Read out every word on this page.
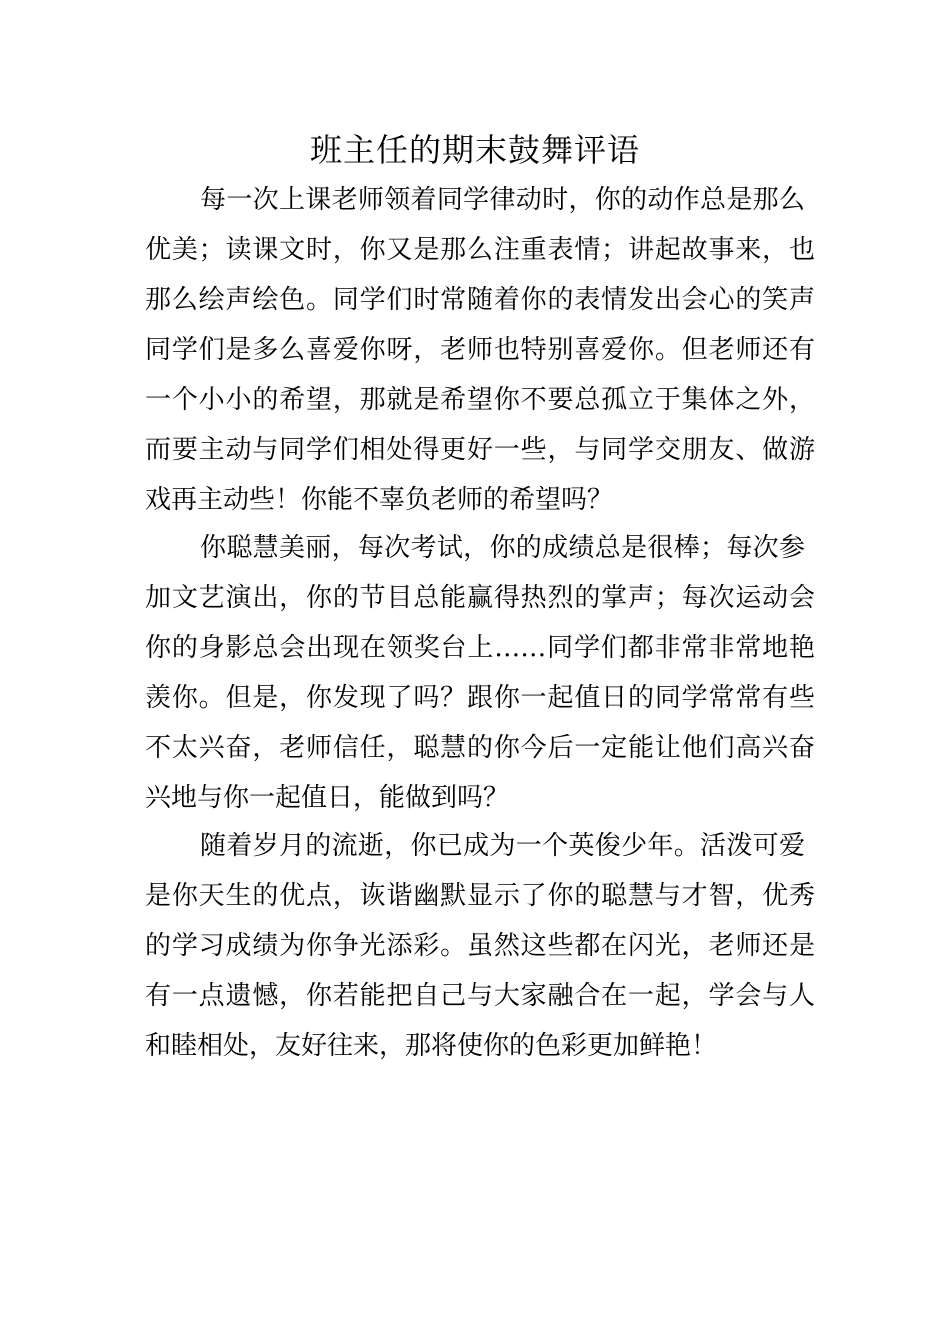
班主任的期末鼓舞评语
每一次上课老师领着同学律动时，你的动作总是那么
优美；读课文时，你又是那么注重表情；讲起故事来，也
那么绘声绘色。同学们时常随着你的表情发出会心的笑声
同学们是多么喜爱你呀，老师也特别喜爱你。但老师还有
一个小小的希望，那就是希望你不要总孤立于集体之外，
而要主动与同学们相处得更好一些，与同学交朋友、做游
戏再主动些！你能不辜负老师的希望吗？
你聪慧美丽，每次考试，你的成绩总是很棒；每次参
加文艺演出，你的节目总能赢得热烈的掌声；每次运动会
你的身影总会出现在领奖台上……同学们都非常非常地艳
羡你。但是，你发现了吗？跟你一起值日的同学常常有些
不太兴奋，老师信任，聪慧的你今后一定能让他们高兴奋
兴地与你一起值日，能做到吗？
随着岁月的流逝，你已成为一个英俊少年。活泼可爱
是你天生的优点，诙谐幽默显示了你的聪慧与才智，优秀
的学习成绩为你争光添彩。虽然这些都在闪光，老师还是
有一点遗憾，你若能把自己与大家融合在一起，学会与人
和睦相处，友好往来，那将使你的色彩更加鲜艳！
